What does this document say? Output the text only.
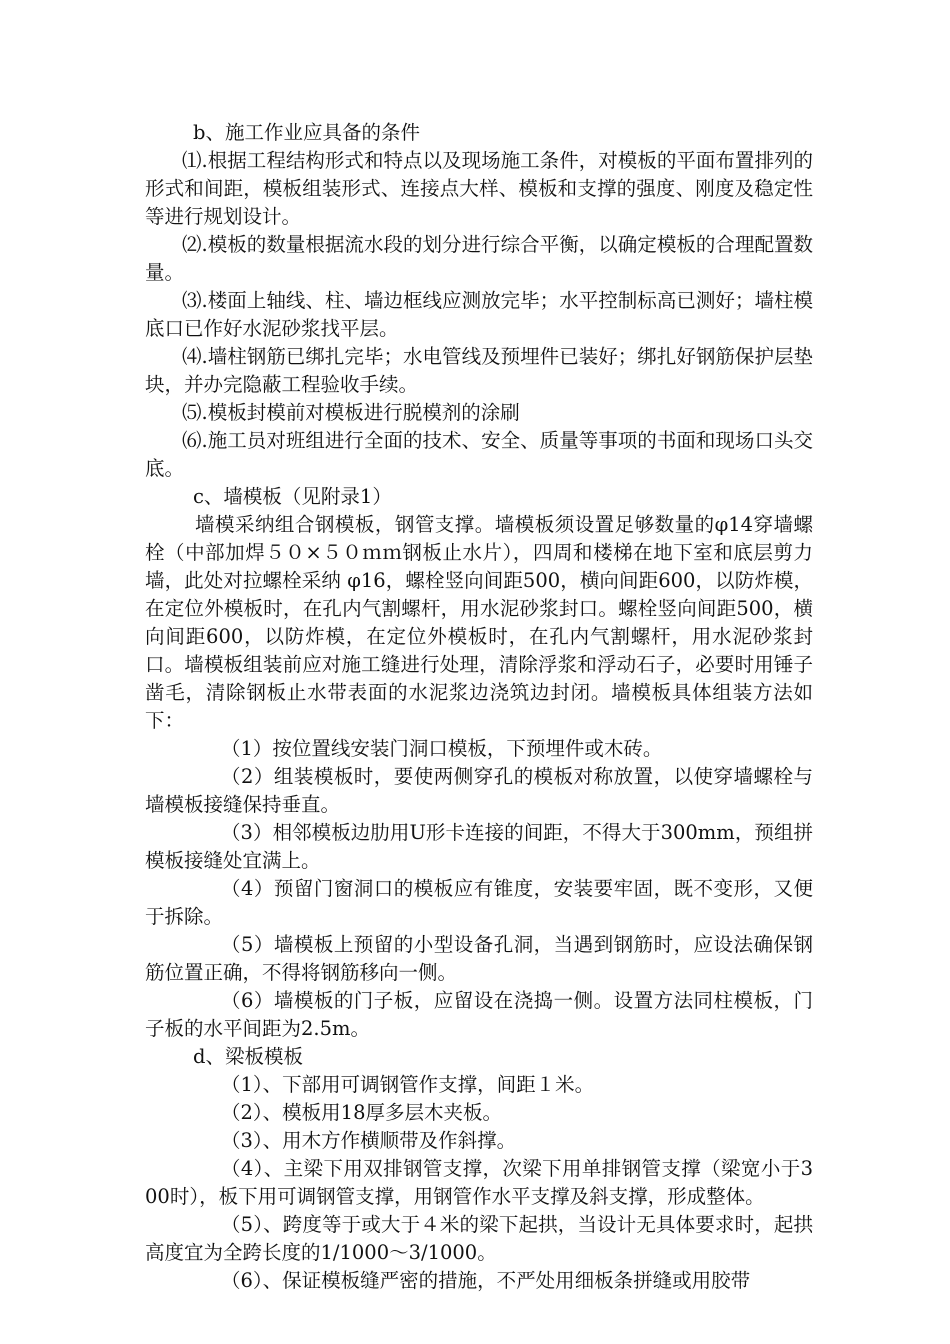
b、施工作业应具备的条件

⑴.根据工程结构形式和特点以及现场施工条件，对模板的平面布置排列的形式和间距，模板组装形式、连接点大样、模板和支撑的强度、刚度及稳定性等进行规划设计。

⑵.模板的数量根据流水段的划分进行综合平衡，以确定模板的合理配置数量。

⑶.楼面上轴线、柱、墙边框线应测放完毕；水平控制标高已测好；墙柱模底口已作好水泥砂浆找平层。

⑷.墙柱钢筋已绑扎完毕；水电管线及预埋件已装好；绑扎好钢筋保护层垫块，并办完隐蔽工程验收手续。

⑸.模板封模前对模板进行脱模剂的涂刷

⑹.施工员对班组进行全面的技术、安全、质量等事项的书面和现场口头交底。

c、墙模板（见附录1）

墙模采纳组合钢模板，钢管支撑。墙模板须设置足够数量的φ14穿墙螺栓（中部加焊５０×５０ｍｍ钢板止水片），四周和楼梯在地下室和底层剪力墙，此处对拉螺栓采纳 φ16，螺栓竖向间距500，横向间距600，以防炸模，在定位外模板时，在孔内气割螺杆，用水泥砂浆封口。螺栓竖向间距500，横向间距600，以防炸模，在定位外模板时，在孔内气割螺杆，用水泥砂浆封口。墙模板组装前应对施工缝进行处理，清除浮浆和浮动石子，必要时用锤子凿毛，清除钢板止水带表面的水泥浆边浇筑边封闭。墙模板具体组装方法如下：

（1）按位置线安装门洞口模板，下预埋件或木砖。

（2）组装模板时，要使两侧穿孔的模板对称放置，以使穿墙螺栓与墙模板接缝保持垂直。

（3）相邻模板边肋用U形卡连接的间距，不得大于300mm，预组拼模板接缝处宜满上。

（4）预留门窗洞口的模板应有锥度，安装要牢固，既不变形，又便于拆除。

（5）墙模板上预留的小型设备孔洞，当遇到钢筋时，应设法确保钢筋位置正确，不得将钢筋移向一侧。

（6）墙模板的门子板，应留设在浇捣一侧。设置方法同柱模板，门子板的水平间距为2.5m。

d、梁板模板

（1）、下部用可调钢管作支撑，间距１米。

（2）、模板用18厚多层木夹板。

（3）、用木方作横顺带及作斜撑。

（4）、主梁下用双排钢管支撑，次梁下用单排钢管支撑（梁宽小于300时），板下用可调钢管支撑，用钢管作水平支撑及斜支撑，形成整体。

（5）、跨度等于或大于４米的梁下起拱，当设计无具体要求时，起拱高度宜为全跨长度的1/1000～3/1000。

（6）、保证模板缝严密的措施，不严处用细板条拼缝或用胶带
